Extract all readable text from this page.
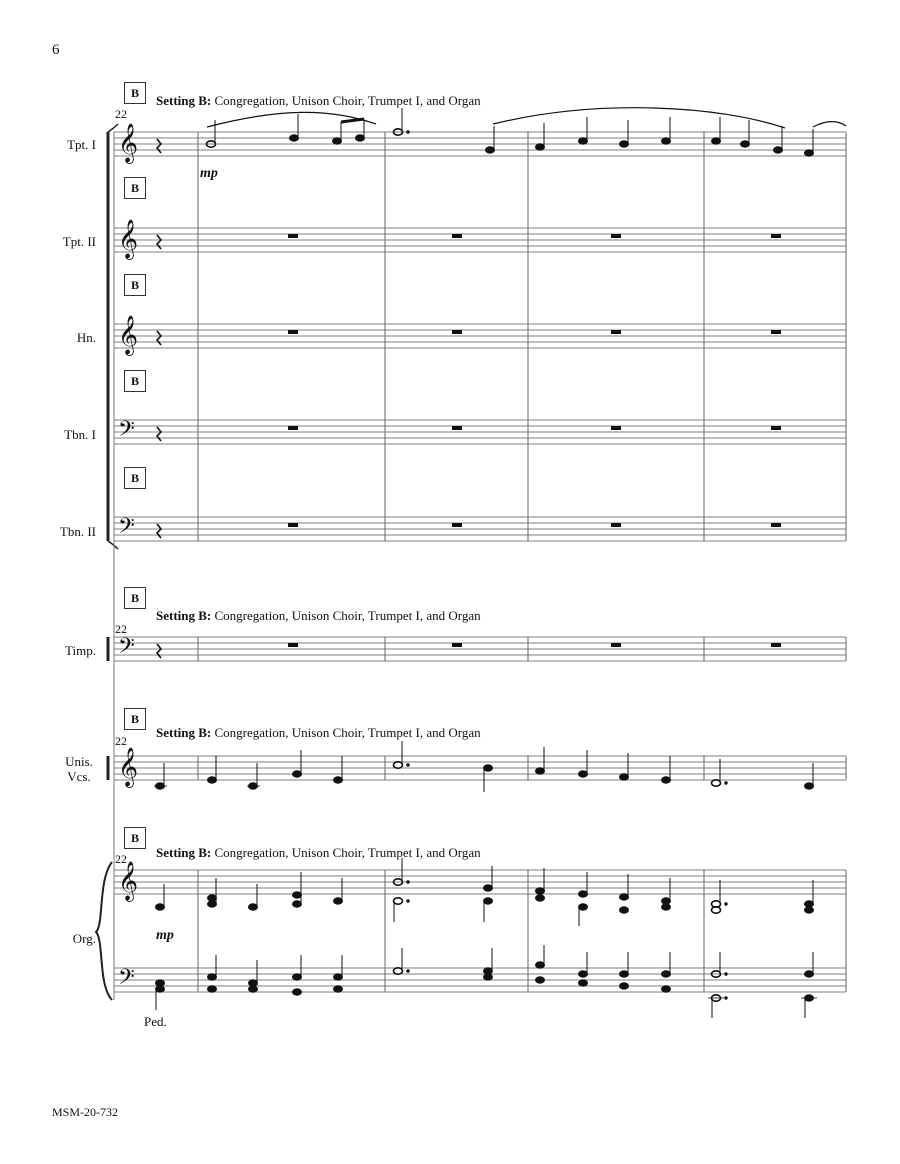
6
MSM-20-732
B
B
B
B
B
B
B
B
Setting B: Congregation, Unison Choir, Trumpet I, and Organ
Setting B: Congregation, Unison Choir, Trumpet I, and Organ
Setting B: Congregation, Unison Choir, Trumpet I, and Organ
Setting B: Congregation, Unison Choir, Trumpet I, and Organ
22
22
22
22
Tpt. I
Tpt. II
Hn.
Tbn. I
Tbn. II
Timp.
Unis.
Vcs.
Org.
mp
mp
Ped.
𝄞
𝄞
𝄞
𝄢
𝄢
𝄢
𝄞
𝄞
𝄢
